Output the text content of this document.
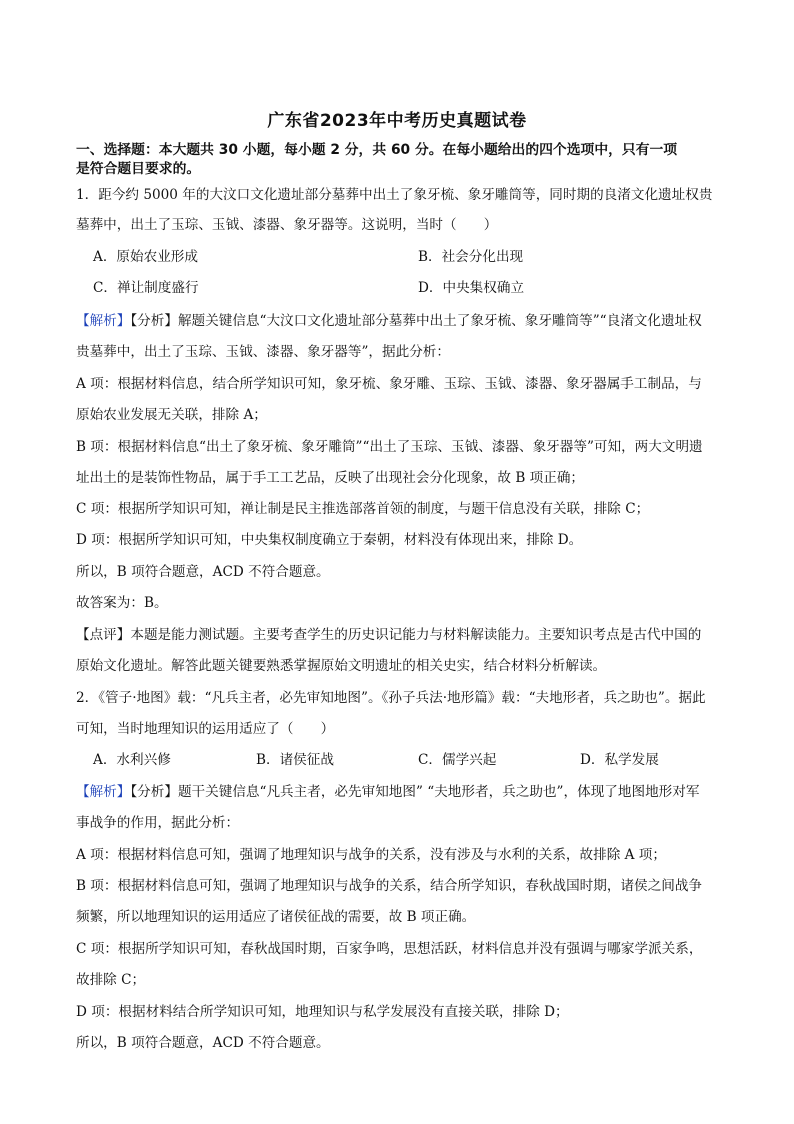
广东省2023年中考历史真题试卷
一、选择题：本大题共 30 小题，每小题 2 分，共 60 分。在每小题给出的四个选项中，只有一项
是符合题目要求的。
1．距今约 5000 年的大汶口文化遗址部分墓葬中出土了象牙梳、象牙雕筒等，同时期的良渚文化遗址权贵
墓葬中，出土了玉琮、玉钺、漆器、象牙器等。这说明，当时（　　）
A．原始农业形成	B．社会分化出现
C．禅让制度盛行	D．中央集权确立
【解析】【分析】解题关键信息“大汶口文化遗址部分墓葬中出土了象牙梳、象牙雕筒等”“良渚文化遗址权
贵墓葬中，出土了玉琮、玉钺、漆器、象牙器等”，据此分析：
A 项：根据材料信息，结合所学知识可知，象牙梳、象牙雕、玉琮、玉钺、漆器、象牙器属手工制品，与
原始农业发展无关联，排除 A；
B 项：根据材料信息“出土了象牙梳、象牙雕筒”“出土了玉琮、玉钺、漆器、象牙器等”可知，两大文明遗
址出土的是装饰性物品，属于手工工艺品，反映了出现社会分化现象，故 B 项正确；
C 项：根据所学知识可知，禅让制是民主推选部落首领的制度，与题干信息没有关联，排除 C；
D 项：根据所学知识可知，中央集权制度确立于秦朝，材料没有体现出来，排除 D。
所以，B 项符合题意，ACD 不符合题意。
故答案为：B。
【点评】本题是能力测试题。主要考查学生的历史识记能力与材料解读能力。主要知识考点是古代中国的
原始文化遗址。解答此题关键要熟悉掌握原始文明遗址的相关史实，结合材料分析解读。
2．《管子·地图》载：“凡兵主者，必先审知地图”。《孙子兵法·地形篇》载：“夫地形者，兵之助也”。据此
可知，当时地理知识的运用适应了（　　）
A．水利兴修	B．诸侯征战	C．儒学兴起	D．私学发展
【解析】【分析】题干关键信息“凡兵主者，必先审知地图” “夫地形者，兵之助也”，体现了地图地形对军
事战争的作用，据此分析：
A 项：根据材料信息可知，强调了地理知识与战争的关系，没有涉及与水利的关系，故排除 A 项；
B 项：根据材料信息可知，强调了地理知识与战争的关系，结合所学知识，春秋战国时期，诸侯之间战争
频繁，所以地理知识的运用适应了诸侯征战的需要，故 B 项正确。
C 项：根据所学知识可知，春秋战国时期，百家争鸣，思想活跃，材料信息并没有强调与哪家学派关系，
故排除 C；
D 项：根据材料结合所学知识可知，地理知识与私学发展没有直接关联，排除 D；
所以，B 项符合题意，ACD 不符合题意。
